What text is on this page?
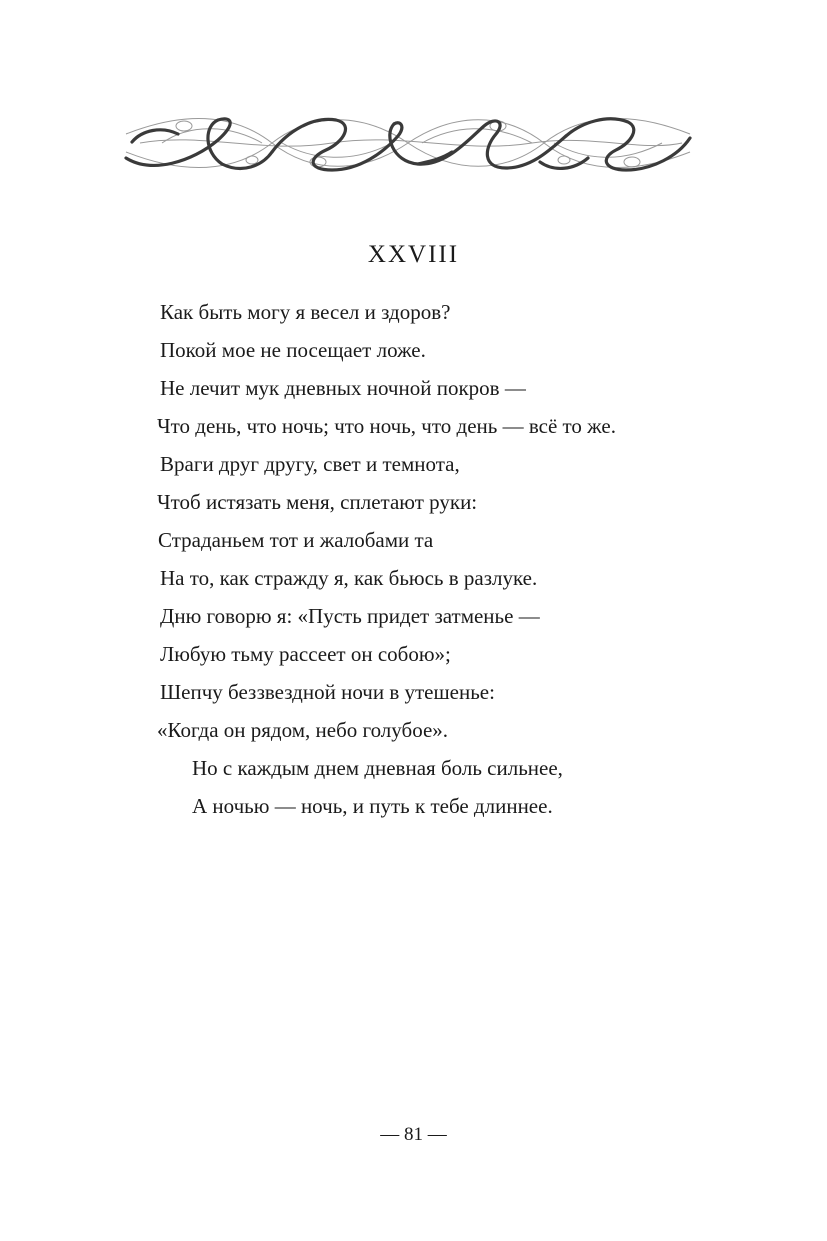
XXVIII
Как быть могу я весел и здоров?
Покой мое не посещает ложе.
Не лечит мук дневных ночной покров —
Что день, что ночь; что ночь, что день — всё то же.
Враги друг другу, свет и темнота,
Чтоб истязать меня, сплетают руки:
Страданьем тот и жалобами та
На то, как стражду я, как бьюсь в разлуке.
Дню говорю я: «Пусть придет затменье —
Любую тьму рассеет он собою»;
Шепчу беззвездной ночи в утешенье:
«Когда он рядом, небо голубое».
Но с каждым днем дневная боль сильнее,
А ночью — ночь, и путь к тебе длиннее.
— 81 —
